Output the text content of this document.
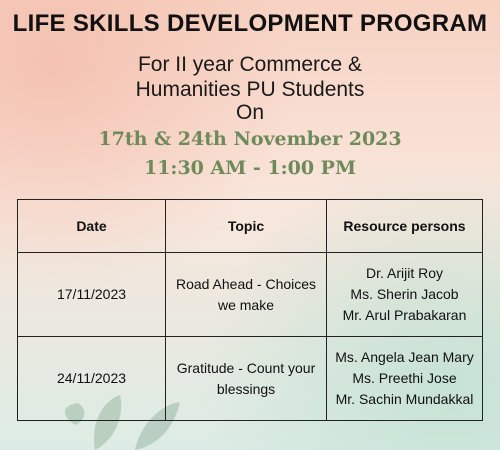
LIFE SKILLS DEVELOPMENT PROGRAM
For II year Commerce &
Humanities PU Students
On
17th & 24th November 2023
11:30 AM - 1:00 PM
Date	Topic	Resource persons
17/11/2023	Road Ahead - Choices we make	Dr. Arijit Roy
Ms. Sherin Jacob
Mr. Arul Prabakaran

24/11/2023	Gratitude - Count your blessings	Ms. Angela Jean Mary
Ms. Preethi Jose
Mr. Sachin Mundakkal
